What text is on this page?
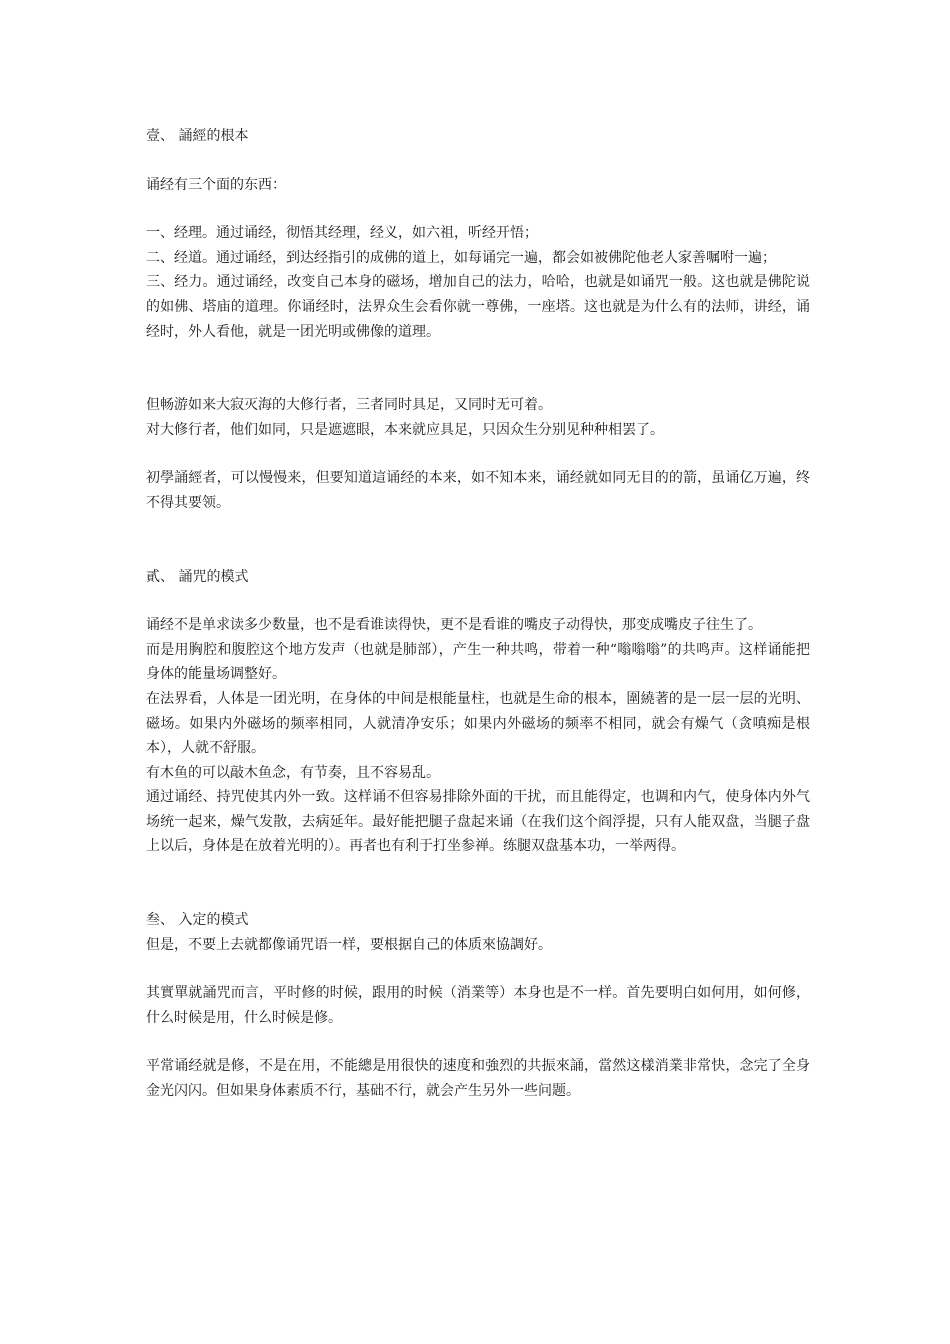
壹、 誦經的根本

诵经有三个面的东西：

一、经理。通过诵经，彻悟其经理，经义，如六祖，听经开悟；

二、经道。通过诵经，到达经指引的成佛的道上，如每诵完一遍，都会如被佛陀他老人家善嘱咐一遍；

三、经力。通过诵经，改变自己本身的磁场，增加自己的法力，哈哈，也就是如诵咒一般。这也就是佛陀说的如佛、塔庙的道理。你诵经时，法界众生会看你就一尊佛，一座塔。这也就是为什么有的法师，讲经，诵经时，外人看他，就是一团光明或佛像的道理。

但畅游如来大寂灭海的大修行者，三者同时具足，又同时无可着。

对大修行者，他们如同，只是遮遮眼，本来就应具足，只因众生分别见种种相罢了。

初學誦經者，可以慢慢来，但要知道這诵经的本来，如不知本来，诵经就如同无目的的箭，虽诵亿万遍，终不得其要领。

貳、 誦咒的模式

诵经不是单求读多少数量，也不是看谁读得快，更不是看谁的嘴皮子动得快，那变成嘴皮子往生了。

而是用胸腔和腹腔这个地方发声（也就是肺部），产生一种共鸣，带着一种“嗡嗡嗡”的共鸣声。这样诵能把身体的能量场调整好。

在法界看，人体是一团光明，在身体的中间是根能量柱，也就是生命的根本，圍繞著的是一层一层的光明、磁场。如果内外磁场的频率相同，人就清净安乐；如果内外磁场的频率不相同，就会有燥气（贪嗔痴是根本），人就不舒服。

有木鱼的可以敲木鱼念，有节奏，且不容易乱。

通过诵经、持咒使其内外一致。这样诵不但容易排除外面的干扰，而且能得定，也调和内气，使身体内外气场统一起来，燥气发散，去病延年。最好能把腿子盘起来诵（在我们这个阎浮提，只有人能双盘，当腿子盘上以后，身体是在放着光明的）。再者也有利于打坐参禅。练腿双盘基本功，一举两得。

叁、 入定的模式

但是，不要上去就都像诵咒语一样，要根据自己的体质來協調好。

其實單就誦咒而言，平时修的时候，跟用的时候（消業等）本身也是不一样。首先要明白如何用，如何修，什么时候是用，什么时候是修。

平常诵经就是修，不是在用，不能總是用很快的速度和強烈的共振來誦，當然这樣消業非常快，念完了全身金光闪闪。但如果身体素质不行，基础不行，就会产生另外一些问题。
